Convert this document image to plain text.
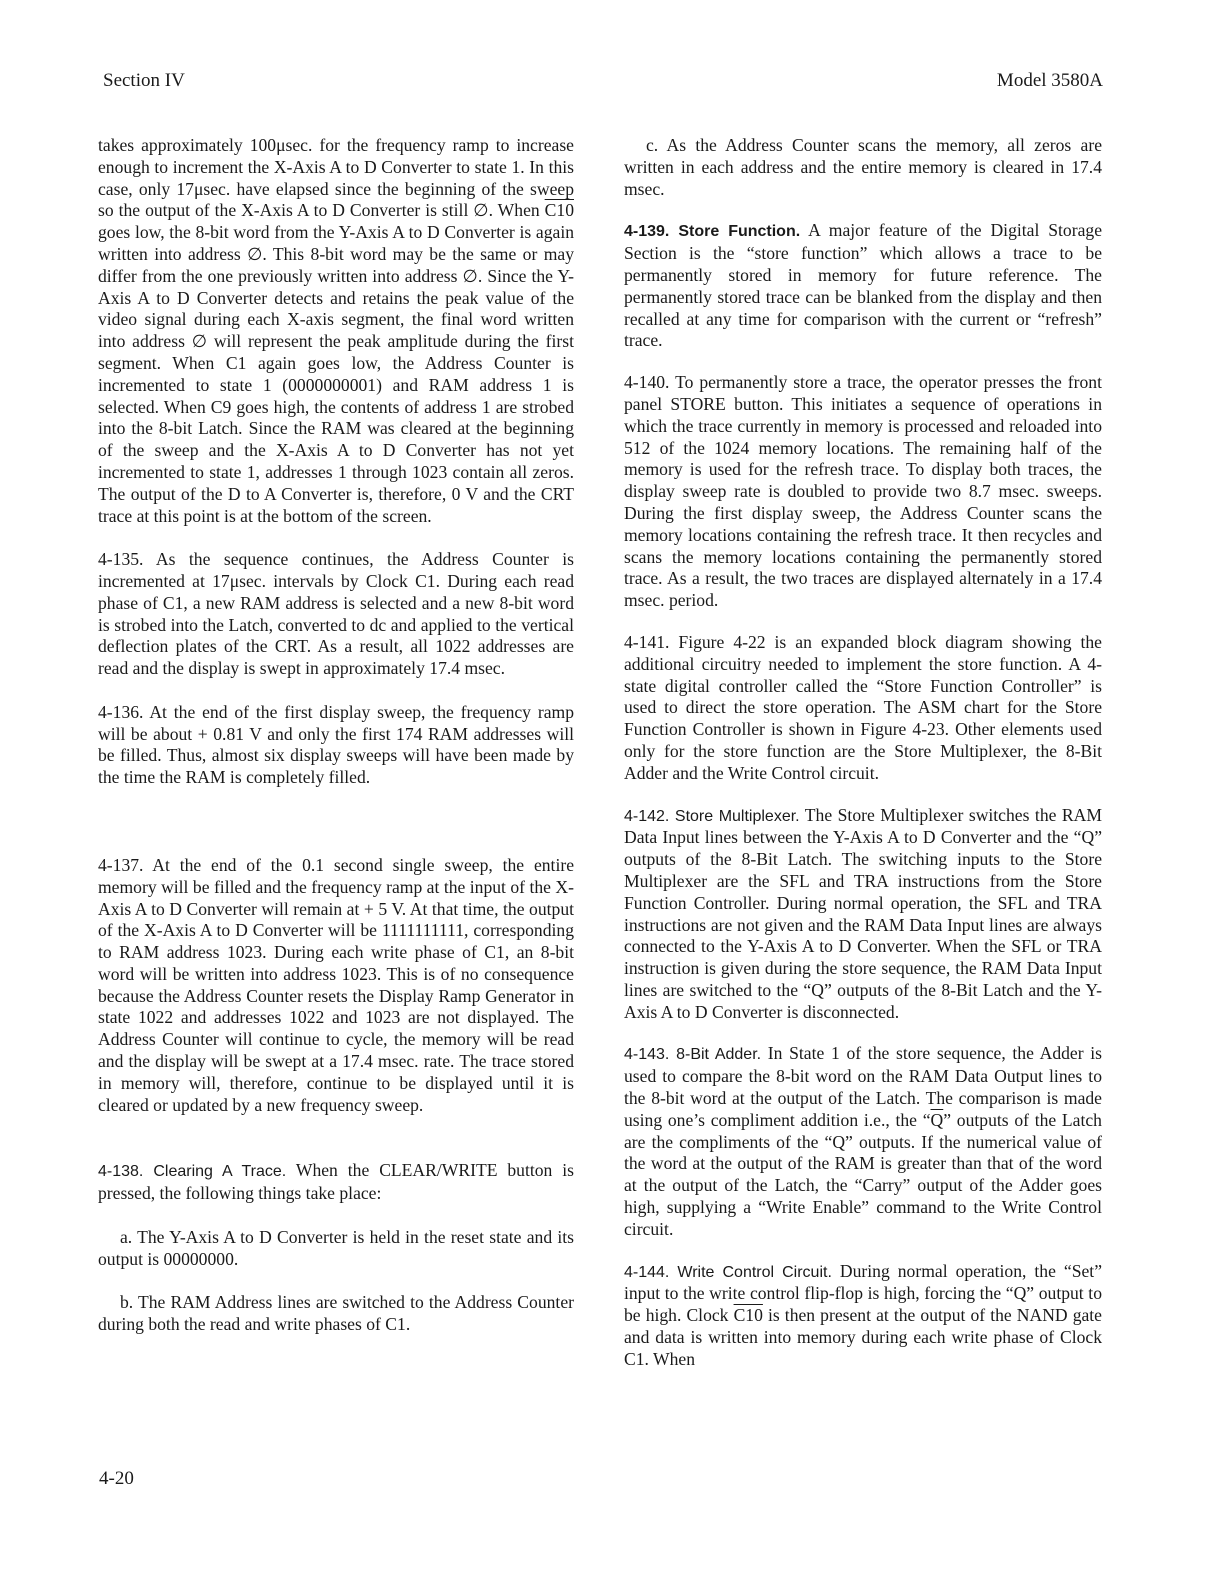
Section IV	Model 3580A

takes approximately 100μsec. for the frequency ramp to increase enough to increment the X-Axis A to D Converter to state 1. In this case, only 17μsec. have elapsed since the beginning of the sweep so the output of the X-Axis A to D Converter is still ∅. When C10 goes low, the 8-bit word from the Y-Axis A to D Converter is again written into address ∅. This 8-bit word may be the same or may differ from the one previously written into address ∅. Since the Y-Axis A to D Converter detects and retains the peak value of the video signal during each X-axis segment, the final word written into address ∅ will represent the peak amplitude during the first segment. When C1 again goes low, the Address Counter is incremented to state 1 (0000000001) and RAM address 1 is selected. When C9 goes high, the contents of address 1 are strobed into the 8-bit Latch. Since the RAM was cleared at the beginning of the sweep and the X-Axis A to D Converter has not yet incremented to state 1, addresses 1 through 1023 contain all zeros. The output of the D to A Converter is, therefore, 0 V and the CRT trace at this point is at the bottom of the screen.

4-135. As the sequence continues, the Address Counter is incremented at 17μsec. intervals by Clock C1. During each read phase of C1, a new RAM address is selected and a new 8-bit word is strobed into the Latch, converted to dc and applied to the vertical deflection plates of the CRT. As a result, all 1022 addresses are read and the display is swept in approximately 17.4 msec.

4-136. At the end of the first display sweep, the frequency ramp will be about + 0.81 V and only the first 174 RAM addresses will be filled. Thus, almost six display sweeps will have been made by the time the RAM is completely filled.

4-137. At the end of the 0.1 second single sweep, the entire memory will be filled and the frequency ramp at the input of the X-Axis A to D Converter will remain at + 5 V. At that time, the output of the X-Axis A to D Converter will be 1111111111, corresponding to RAM address 1023. During each write phase of C1, an 8-bit word will be written into address 1023. This is of no consequence because the Address Counter resets the Display Ramp Generator in state 1022 and addresses 1022 and 1023 are not displayed. The Address Counter will continue to cycle, the memory will be read and the display will be swept at a 17.4 msec. rate. The trace stored in memory will, therefore, continue to be displayed until it is cleared or updated by a new frequency sweep.

4-138. Clearing A Trace. When the CLEAR/WRITE button is pressed, the following things take place:

a. The Y-Axis A to D Converter is held in the reset state and its output is 00000000.

b. The RAM Address lines are switched to the Address Counter during both the read and write phases of C1.

c. As the Address Counter scans the memory, all zeros are written in each address and the entire memory is cleared in 17.4 msec.

4-139. Store Function. A major feature of the Digital Storage Section is the “store function” which allows a trace to be permanently stored in memory for future reference. The permanently stored trace can be blanked from the display and then recalled at any time for comparison with the current or “refresh” trace.

4-140. To permanently store a trace, the operator presses the front panel STORE button. This initiates a sequence of operations in which the trace currently in memory is processed and reloaded into 512 of the 1024 memory locations. The remaining half of the memory is used for the refresh trace. To display both traces, the display sweep rate is doubled to provide two 8.7 msec. sweeps. During the first display sweep, the Address Counter scans the memory locations containing the refresh trace. It then recycles and scans the memory locations containing the permanently stored trace. As a result, the two traces are displayed alternately in a 17.4 msec. period.

4-141. Figure 4-22 is an expanded block diagram showing the additional circuitry needed to implement the store function. A 4-state digital controller called the “Store Function Controller” is used to direct the store operation. The ASM chart for the Store Function Controller is shown in Figure 4-23. Other elements used only for the store function are the Store Multiplexer, the 8-Bit Adder and the Write Control circuit.

4-142. Store Multiplexer. The Store Multiplexer switches the RAM Data Input lines between the Y-Axis A to D Converter and the “Q” outputs of the 8-Bit Latch. The switching inputs to the Store Multiplexer are the SFL and TRA instructions from the Store Function Controller. During normal operation, the SFL and TRA instructions are not given and the RAM Data Input lines are always connected to the Y-Axis A to D Converter. When the SFL or TRA instruction is given during the store sequence, the RAM Data Input lines are switched to the “Q” outputs of the 8-Bit Latch and the Y-Axis A to D Converter is disconnected.

4-143. 8-Bit Adder. In State 1 of the store sequence, the Adder is used to compare the 8-bit word on the RAM Data Output lines to the 8-bit word at the output of the Latch. The comparison is made using one’s compliment addition i.e., the “$\overline{Q}$” outputs of the Latch are the compliments of the “Q” outputs. If the numerical value of the word at the output of the RAM is greater than that of the word at the output of the Latch, the “Carry” output of the Adder goes high, supplying a “Write Enable” command to the Write Control circuit.

4-144. Write Control Circuit. During normal operation, the “Set” input to the write control flip-flop is high, forcing the “Q” output to be high. Clock C10 is then present at the output of the NAND gate and data is written into memory during each write phase of Clock C1. When

4-20
